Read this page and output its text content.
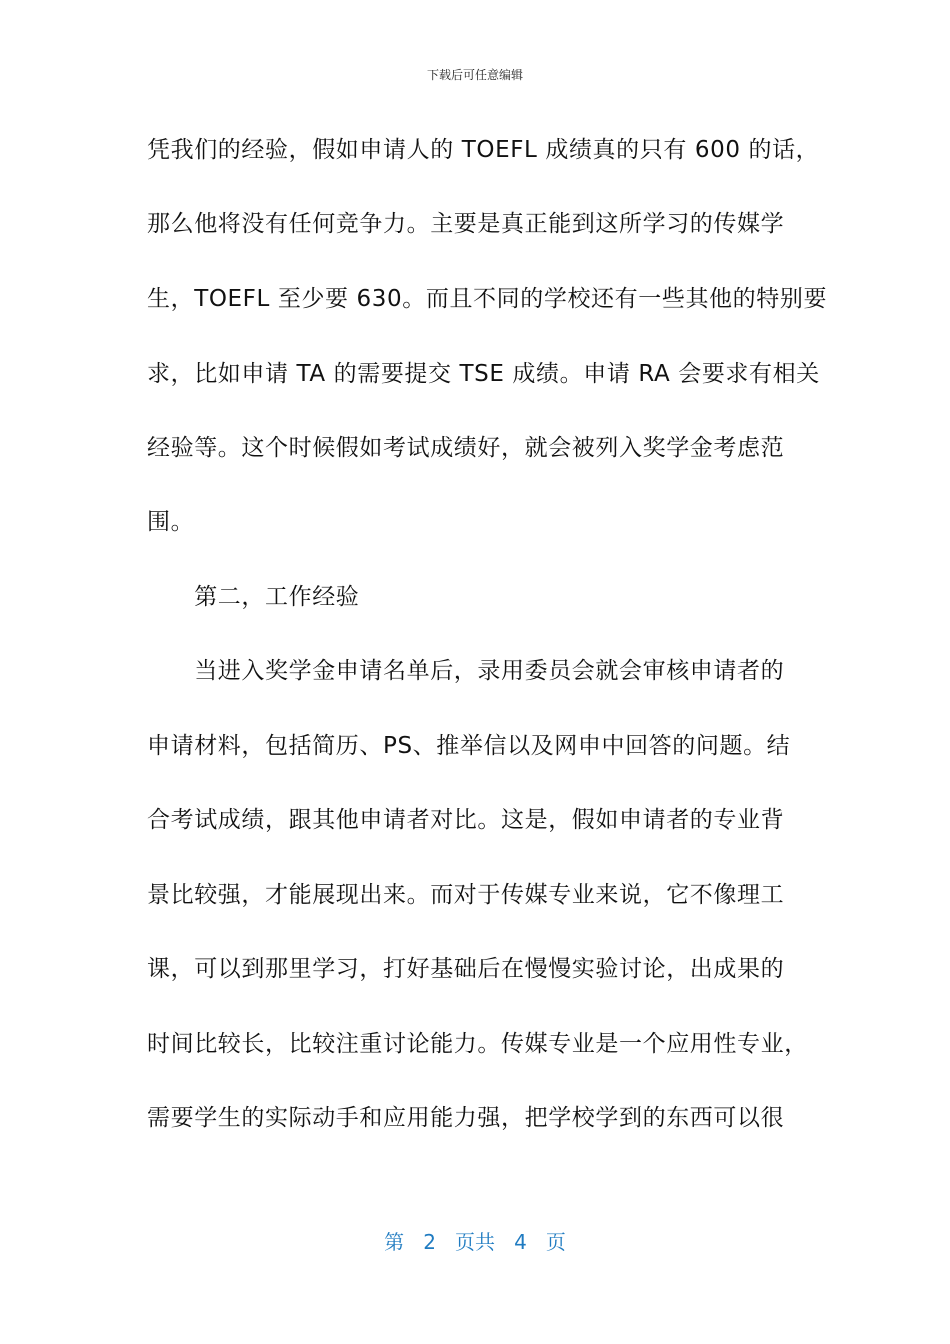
下载后可任意编辑
凭我们的经验，假如申请人的 TOEFL 成绩真的只有 600 的话，
那么他将没有任何竞争力。主要是真正能到这所学习的传媒学
生，TOEFL 至少要 630。而且不同的学校还有一些其他的特别要
求，比如申请 TA 的需要提交 TSE 成绩。申请 RA 会要求有相关
经验等。这个时候假如考试成绩好，就会被列入奖学金考虑范
围。
　　第二，工作经验
　　当进入奖学金申请名单后，录用委员会就会审核申请者的
申请材料，包括简历、PS、推举信以及网申中回答的问题。结
合考试成绩，跟其他申请者对比。这是，假如申请者的专业背
景比较强，才能展现出来。而对于传媒专业来说，它不像理工
课，可以到那里学习，打好基础后在慢慢实验讨论，出成果的
时间比较长，比较注重讨论能力。传媒专业是一个应用性专业，
需要学生的实际动手和应用能力强，把学校学到的东西可以很
第 2 页共 4 页
